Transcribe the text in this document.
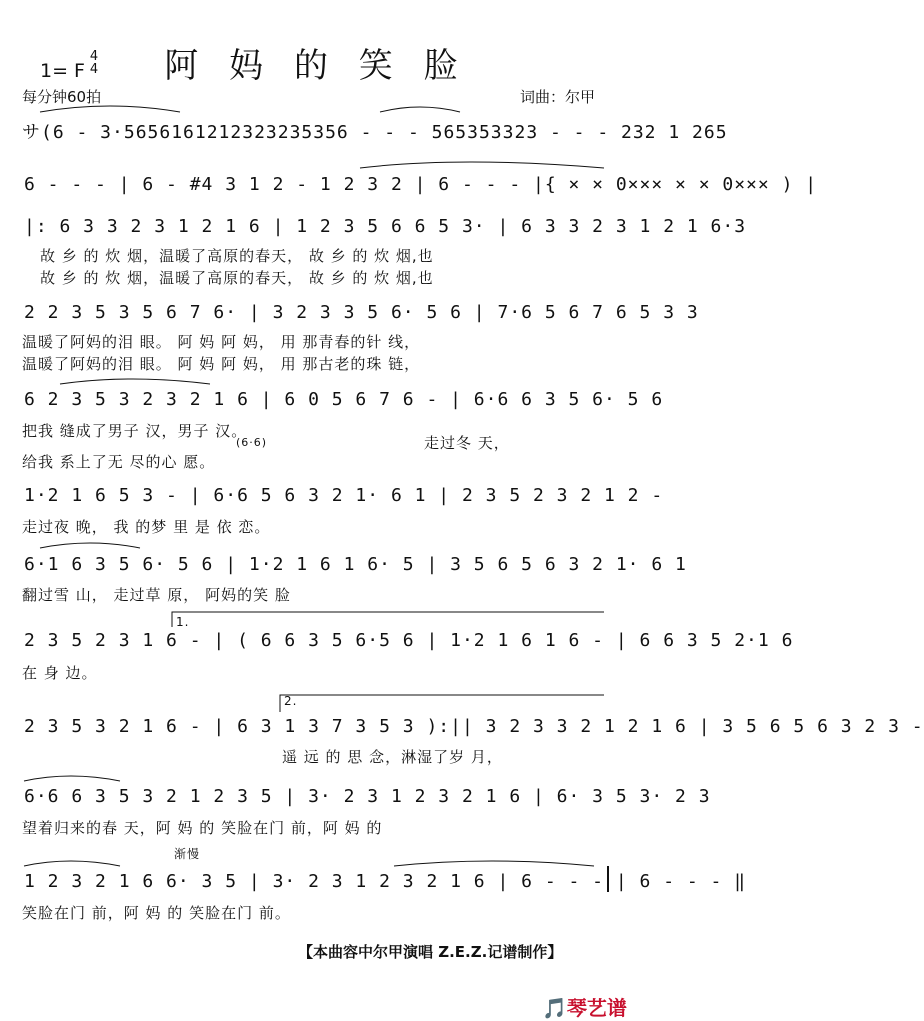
阿 妈 的 笑 脸
1= F
4
4
每分钟60拍	词曲：尔甲
サ(6 - 3·5656161212323235356 - - - 565353323 - - - 232 1 265
6 - - - | 6 - #4 3 1 2 - 1 2 3 2 | 6 - - - |{ × × 0××× × × 0××× ) |
|: 6 3 3 2 3 1 2 1 6 | 1 2 3 5 6 6 5 3· | 6 3 3 2 3 1 2 1 6·3
故 乡 的 炊 烟，温暖了高原的春天， 故 乡 的 炊 烟,也
故 乡 的 炊 烟，温暖了高原的春天， 故 乡 的 炊 烟,也
2 2 3 5 3 5 6 7 6· | 3 2 3 3 5 6· 5 6 | 7·6 5 6 7 6 5 3 3
温暖了阿妈的泪 眼。 阿 妈 阿 妈， 用 那青春的针 线，
温暖了阿妈的泪 眼。 阿 妈 阿 妈， 用 那古老的珠 链，
6 2 3 5 3 2 3 2 1 6 | 6 0 5 6 7 6 - | 6·6 6 3 5 6· 5 6
把我 缝成了男子 汉，男子 汉。
给我 系上了无 尽的心 愿。
(6·6)	走过冬 天，
1·2 1 6 5 3 - | 6·6 5 6 3 2 1· 6 1 | 2 3 5 2 3 2 1 2 -
走过夜 晚， 我 的梦 里 是 依 恋。
6·1 6 3 5 6· 5 6 | 1·2 1 6 1 6· 5 | 3 5 6 5 6 3 2 1· 6 1
翻过雪 山， 走过草 原， 阿妈的笑 脸
1.
2 3 5 2 3 1 6 - | ( 6 6 3 5 6·5 6 | 1·2 1 6 1 6 - | 6 6 3 5 2·1 6
在 身 边。
2.
2 3 5 3 2 1 6 - | 6 3 1 3 7 3 5 3 ):|| 3 2 3 3 2 1 2 1 6 | 3 5 6 5 6 3 2 3 -
遥 远 的 思 念，淋湿了岁 月，
6·6 6 3 5 3 2 1 2 3 5 | 3· 2 3 1 2 3 2 1 6 | 6· 3 5 3· 2 3
望着归来的春 天，阿 妈 的 笑脸在门 前，阿 妈 的
渐慢
1 2 3 2 1 6 6· 3 5 | 3· 2 3 1 2 3 2 1 6 | 6 - - - | 6 - - - ‖
笑脸在门 前，阿 妈 的 笑脸在门 前。
【本曲容中尔甲演唱 Z.E.Z.记谱制作】
🎵琴艺谱
